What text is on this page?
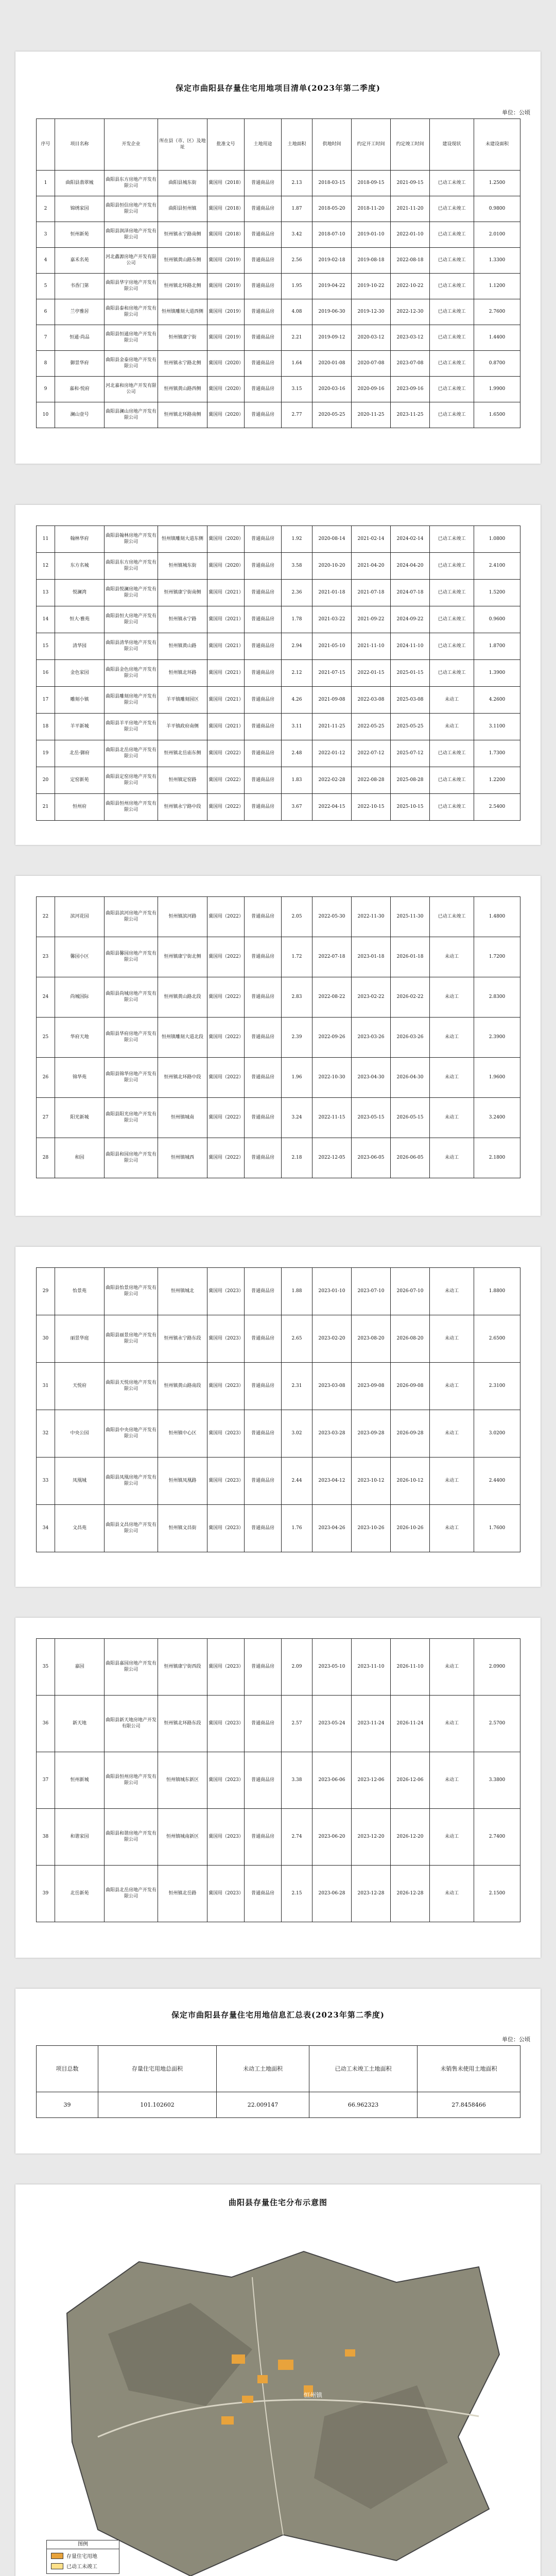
保定市曲阳县存量住宅用地项目清单(2023年第二季度)
单位：公顷
序号	项目名称	开发企业	所在县（市、区）及地址	批准文号	土地用途	土地面积	供地时间	约定开工时间	约定竣工时间	建设现状	未建设面积
1	曲阳县翡翠城	曲阳县东方房地产开发有限公司	曲阳县城东街	冀国用（2018）	普通商品房	2.13	2018-03-15	2018-09-15	2021-09-15	已动工未竣工	1.2500
2	锦绣家园	曲阳县恒信房地产开发有限公司	曲阳县恒州镇	冀国用（2018）	普通商品房	1.87	2018-05-20	2018-11-20	2021-11-20	已动工未竣工	0.9800
3	恒州新苑	曲阳县润泽房地产开发有限公司	恒州镇永宁路南侧	冀国用（2018）	普通商品房	3.42	2018-07-10	2019-01-10	2022-01-10	已动工未竣工	2.0100
4	嘉禾名苑	河北鑫源房地产开发有限公司	恒州镇黄山路东侧	冀国用（2019）	普通商品房	2.56	2019-02-18	2019-08-18	2022-08-18	已动工未竣工	1.3300
5	书香门第	曲阳县华宇房地产开发有限公司	恒州镇北环路北侧	冀国用（2019）	普通商品房	1.95	2019-04-22	2019-10-22	2022-10-22	已动工未竣工	1.1200
6	兰亭雅居	曲阳县泰和房地产开发有限公司	恒州镇雕刻大道西侧	冀国用（2019）	普通商品房	4.08	2019-06-30	2019-12-30	2022-12-30	已动工未竣工	2.7600
7	恒通·尚品	曲阳县恒通房地产开发有限公司	恒州镇康宁街	冀国用（2019）	普通商品房	2.21	2019-09-12	2020-03-12	2023-03-12	已动工未竣工	1.4400
8	御景华府	曲阳县金泰房地产开发有限公司	恒州镇永宁路北侧	冀国用（2020）	普通商品房	1.64	2020-01-08	2020-07-08	2023-07-08	已动工未竣工	0.8700
9	嘉和·悦府	河北嘉和房地产开发有限公司	恒州镇黄山路西侧	冀国用（2020）	普通商品房	3.15	2020-03-16	2020-09-16	2023-09-16	已动工未竣工	1.9900
10	澜山壹号	曲阳县澜山房地产开发有限公司	恒州镇北环路南侧	冀国用（2020）	普通商品房	2.77	2020-05-25	2020-11-25	2023-11-25	已动工未竣工	1.6500
11	翰林华府	曲阳县翰林房地产开发有限公司	恒州镇雕刻大道东侧	冀国用（2020）	普通商品房	1.92	2020-08-14	2021-02-14	2024-02-14	已动工未竣工	1.0800
12	东方名城	曲阳县东方房地产开发有限公司	恒州镇城东街	冀国用（2020）	普通商品房	3.58	2020-10-20	2021-04-20	2024-04-20	已动工未竣工	2.4100
13	悦澜湾	曲阳县悦澜房地产开发有限公司	恒州镇康宁街南侧	冀国用（2021）	普通商品房	2.36	2021-01-18	2021-07-18	2024-07-18	已动工未竣工	1.5200
14	恒大·雅苑	曲阳县恒大房地产开发有限公司	恒州镇永宁路	冀国用（2021）	普通商品房	1.78	2021-03-22	2021-09-22	2024-09-22	已动工未竣工	0.9600
15	清华园	曲阳县清华房地产开发有限公司	恒州镇黄山路	冀国用（2021）	普通商品房	2.94	2021-05-10	2021-11-10	2024-11-10	已动工未竣工	1.8700
16	金色家园	曲阳县金色房地产开发有限公司	恒州镇北环路	冀国用（2021）	普通商品房	2.12	2021-07-15	2022-01-15	2025-01-15	已动工未竣工	1.3900
17	雕刻小镇	曲阳县雕刻房地产开发有限公司	羊平镇雕刻园区	冀国用（2021）	普通商品房	4.26	2021-09-08	2022-03-08	2025-03-08	未动工	4.2600
18	羊平新城	曲阳县羊平房地产开发有限公司	羊平镇政府南侧	冀国用（2021）	普通商品房	3.11	2021-11-25	2022-05-25	2025-05-25	未动工	3.1100
19	北岳·御府	曲阳县北岳房地产开发有限公司	恒州镇北岳庙东侧	冀国用（2022）	普通商品房	2.48	2022-01-12	2022-07-12	2025-07-12	已动工未竣工	1.7300
20	定窑新苑	曲阳县定窑房地产开发有限公司	恒州镇定窑路	冀国用（2022）	普通商品房	1.83	2022-02-28	2022-08-28	2025-08-28	已动工未竣工	1.2200
21	恒州府	曲阳县恒州房地产开发有限公司	恒州镇永宁路中段	冀国用（2022）	普通商品房	3.67	2022-04-15	2022-10-15	2025-10-15	已动工未竣工	2.5400
22	滨河花园	曲阳县滨河房地产开发有限公司	恒州镇滨河路	冀国用（2022）	普通商品房	2.05	2022-05-30	2022-11-30	2025-11-30	已动工未竣工	1.4800
23	馨园小区	曲阳县馨园房地产开发有限公司	恒州镇康宁街北侧	冀国用（2022）	普通商品房	1.72	2022-07-18	2023-01-18	2026-01-18	未动工	1.7200
24	尚城国际	曲阳县尚城房地产开发有限公司	恒州镇黄山路北段	冀国用（2022）	普通商品房	2.83	2022-08-22	2023-02-22	2026-02-22	未动工	2.8300
25	华府天地	曲阳县华府房地产开发有限公司	恒州镇雕刻大道北段	冀国用（2022）	普通商品房	2.39	2022-09-26	2023-03-26	2026-03-26	未动工	2.3900
26	锦华苑	曲阳县锦华房地产开发有限公司	恒州镇北环路中段	冀国用（2022）	普通商品房	1.96	2022-10-30	2023-04-30	2026-04-30	未动工	1.9600
27	阳光新城	曲阳县阳光房地产开发有限公司	恒州镇城南	冀国用（2022）	普通商品房	3.24	2022-11-15	2023-05-15	2026-05-15	未动工	3.2400
28	和园	曲阳县和园房地产开发有限公司	恒州镇城西	冀国用（2022）	普通商品房	2.18	2022-12-05	2023-06-05	2026-06-05	未动工	2.1800
29	怡景苑	曲阳县怡景房地产开发有限公司	恒州镇城北	冀国用（2023）	普通商品房	1.88	2023-01-10	2023-07-10	2026-07-10	未动工	1.8800
30	丽景华庭	曲阳县丽景房地产开发有限公司	恒州镇永宁路东段	冀国用（2023）	普通商品房	2.65	2023-02-20	2023-08-20	2026-08-20	未动工	2.6500
31	天悦府	曲阳县天悦房地产开发有限公司	恒州镇黄山路南段	冀国用（2023）	普通商品房	2.31	2023-03-08	2023-09-08	2026-09-08	未动工	2.3100
32	中央公园	曲阳县中央房地产开发有限公司	恒州镇中心区	冀国用（2023）	普通商品房	3.02	2023-03-28	2023-09-28	2026-09-28	未动工	3.0200
33	凤凰城	曲阳县凤凰房地产开发有限公司	恒州镇凤凰路	冀国用（2023）	普通商品房	2.44	2023-04-12	2023-10-12	2026-10-12	未动工	2.4400
34	文昌苑	曲阳县文昌房地产开发有限公司	恒州镇文昌街	冀国用（2023）	普通商品房	1.76	2023-04-26	2023-10-26	2026-10-26	未动工	1.7600
35	嘉园	曲阳县嘉园房地产开发有限公司	恒州镇康宁街西段	冀国用（2023）	普通商品房	2.09	2023-05-10	2023-11-10	2026-11-10	未动工	2.0900
36	新天地	曲阳县新天地房地产开发有限公司	恒州镇北环路东段	冀国用（2023）	普通商品房	2.57	2023-05-24	2023-11-24	2026-11-24	未动工	2.5700
37	恒州新城	曲阳县恒州房地产开发有限公司	恒州镇城东新区	冀国用（2023）	普通商品房	3.38	2023-06-06	2023-12-06	2026-12-06	未动工	3.3800
38	和谐家园	曲阳县和谐房地产开发有限公司	恒州镇城南新区	冀国用（2023）	普通商品房	2.74	2023-06-20	2023-12-20	2026-12-20	未动工	2.7400
39	北岳新苑	曲阳县北岳房地产开发有限公司	恒州镇北岳路	冀国用（2023）	普通商品房	2.15	2023-06-28	2023-12-28	2026-12-28	未动工	2.1500
保定市曲阳县存量住宅用地信息汇总表(2023年第二季度)
单位：公顷
项目总数	存量住宅用地总面积	未动工土地面积	已动工未竣工土地面积	未销售未使用土地面积
39	101.102602	22.009147	66.962323	27.8458466
曲阳县存量住宅分布示意图
恒州镇
图例
存量住宅用地
已动工未竣工
